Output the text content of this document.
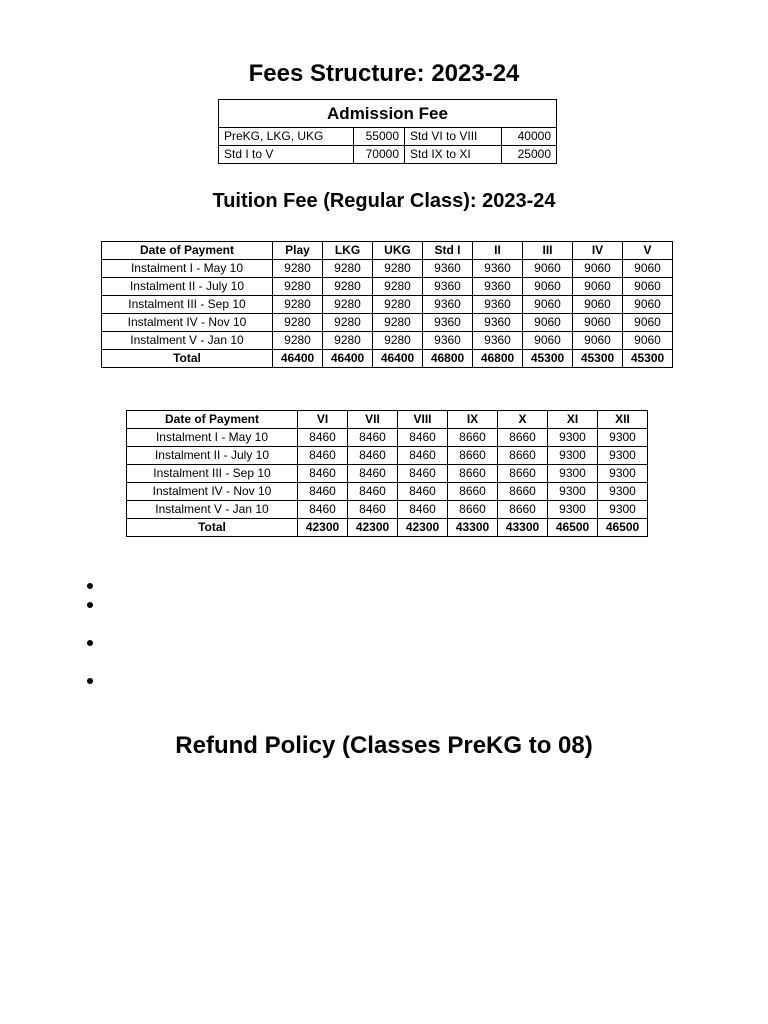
Fees Structure: 2023-24
Admission Fee			
PreKG, LKG, UKG	55000	Std VI to VIII	40000
Std I to V	70000	Std IX to XI	25000
Tuition Fee (Regular Class): 2023-24
Date of Payment	Play	LKG	UKG	Std I	II	III	IV	V
Instalment I - May 10	9280	9280	9280	9360	9360	9060	9060	9060
Instalment II - July 10	9280	9280	9280	9360	9360	9060	9060	9060
Instalment III - Sep 10	9280	9280	9280	9360	9360	9060	9060	9060
Instalment IV - Nov 10	9280	9280	9280	9360	9360	9060	9060	9060
Instalment V - Jan 10	9280	9280	9280	9360	9360	9060	9060	9060
Total	46400	46400	46400	46800	46800	45300	45300	45300
Date of Payment	VI	VII	VIII	IX	X	XI	XII
Instalment I - May 10	8460	8460	8460	8660	8660	9300	9300
Instalment II - July 10	8460	8460	8460	8660	8660	9300	9300
Instalment III - Sep 10	8460	8460	8460	8660	8660	9300	9300
Instalment IV - Nov 10	8460	8460	8460	8660	8660	9300	9300
Instalment V - Jan 10	8460	8460	8460	8660	8660	9300	9300
Total	42300	42300	42300	43300	43300	46500	46500
Refund Policy (Classes PreKG to 08)
